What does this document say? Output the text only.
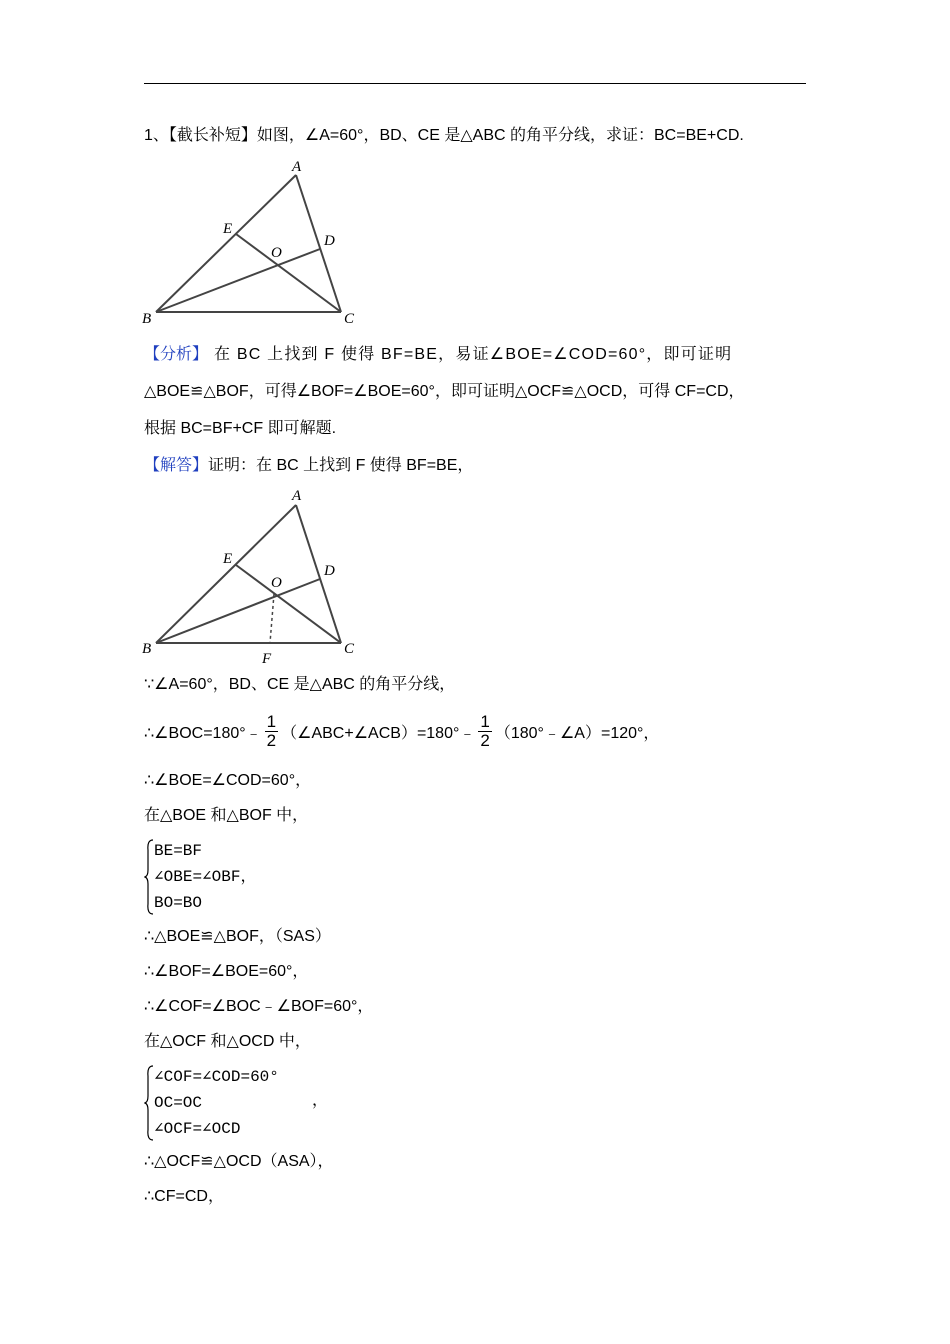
1、【截长补短】如图，∠A=60°，BD、CE 是△ABC 的角平分线，求证：BC=BE+CD.
A
E
D
O
B	C
【分析】 在 BC 上找到 F 使得 BF=BE，易证∠BOE=∠COD=60°，即可证明
△BOE≌△BOF，可得∠BOF=∠BOE=60°，即可证明△OCF≌△OCD，可得 CF=CD，
根据 BC=BF+CF 即可解题.
【解答】证明：在 BC 上找到 F 使得 BF=BE，
A
E
D
O
B	C
F
∵∠A=60°，BD、CE 是△ABC 的角平分线，
∴∠BOC=180°﹣ $\frac{1}{2}$ （∠ABC+∠ACB）=180°﹣ $\frac{1}{2}$ （180°﹣∠A）=120°，
∴∠BOE=∠COD=60°，
在△BOE 和△BOF 中，
BE=BF
∠OBE=∠OBF，
BO=BO
∴△BOE≌△BOF，（SAS）
∴∠BOF=∠BOE=60°，
∴∠COF=∠BOC﹣∠BOF=60°，
在△OCF 和△OCD 中，
∠COF=∠COD=60°
OC=OC
∠OCF=∠OCD
，
∴△OCF≌△OCD（ASA），
∴CF=CD，
